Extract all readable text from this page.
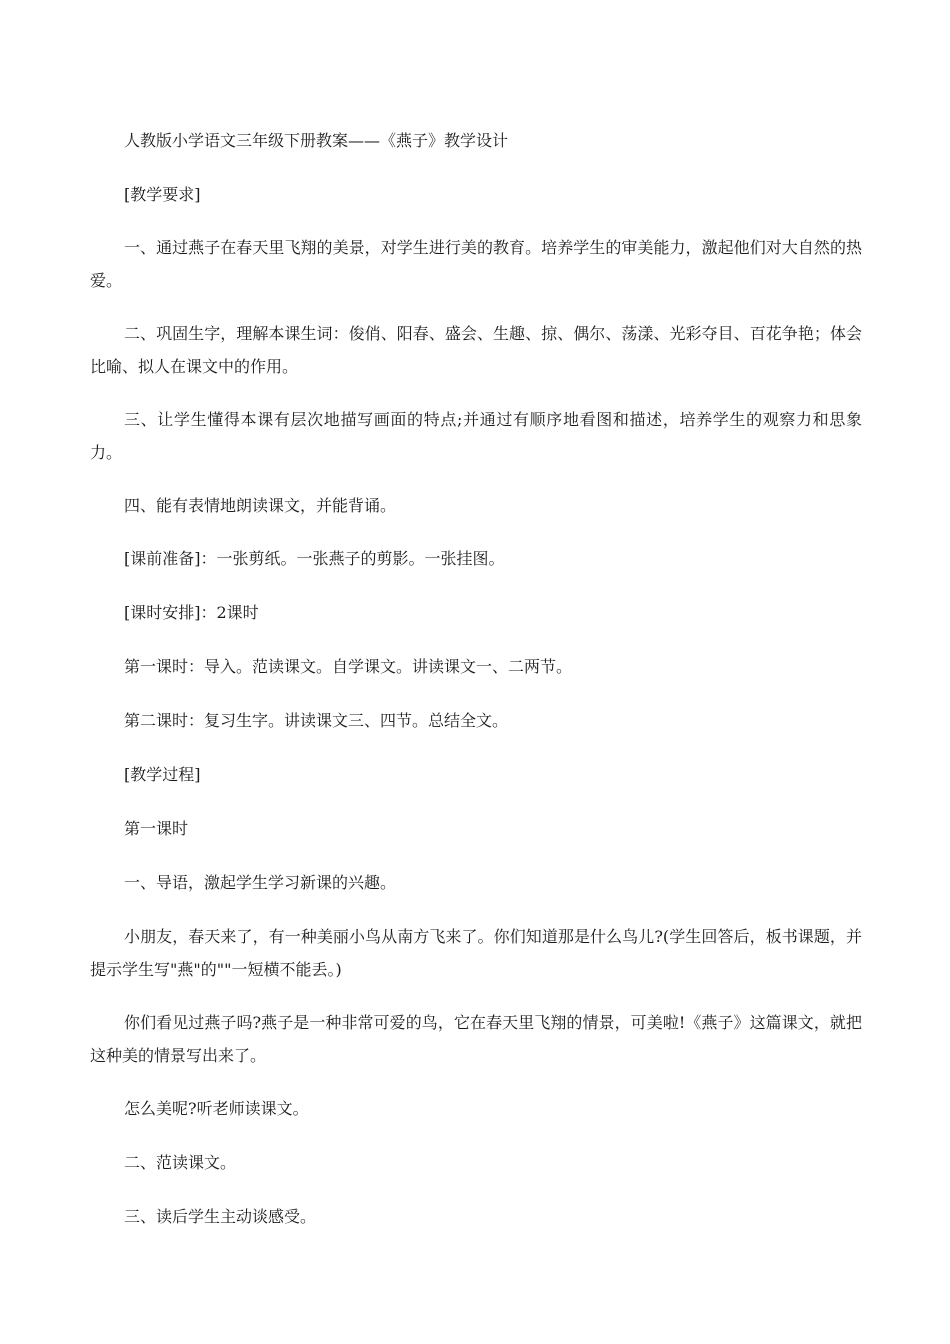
人教版小学语文三年级下册教案——《燕子》教学设计

[教学要求]

一、通过燕子在春天里飞翔的美景，对学生进行美的教育。培养学生的审美能力，激起他们对大自然的热爱。

二、巩固生字，理解本课生词：俊俏、阳春、盛会、生趣、掠、偶尔、荡漾、光彩夺目、百花争艳；体会比喻、拟人在课文中的作用。

三、让学生懂得本课有层次地描写画面的特点;并通过有顺序地看图和描述，培养学生的观察力和思象力。

四、能有表情地朗读课文，并能背诵。

[课前准备]：一张剪纸。一张燕子的剪影。一张挂图。

[课时安排]：2课时

第一课时：导入。范读课文。自学课文。讲读课文一、二两节。

第二课时：复习生字。讲读课文三、四节。总结全文。

[教学过程]

第一课时

一、导语，激起学生学习新课的兴趣。

小朋友，春天来了，有一种美丽小鸟从南方飞来了。你们知道那是什么鸟儿?(学生回答后，板书课题，并提示学生写"燕"的""一短横不能丢。)

你们看见过燕子吗?燕子是一种非常可爱的鸟，它在春天里飞翔的情景，可美啦!《燕子》这篇课文，就把这种美的情景写出来了。

怎么美呢?听老师读课文。

二、范读课文。

三、读后学生主动谈感受。
